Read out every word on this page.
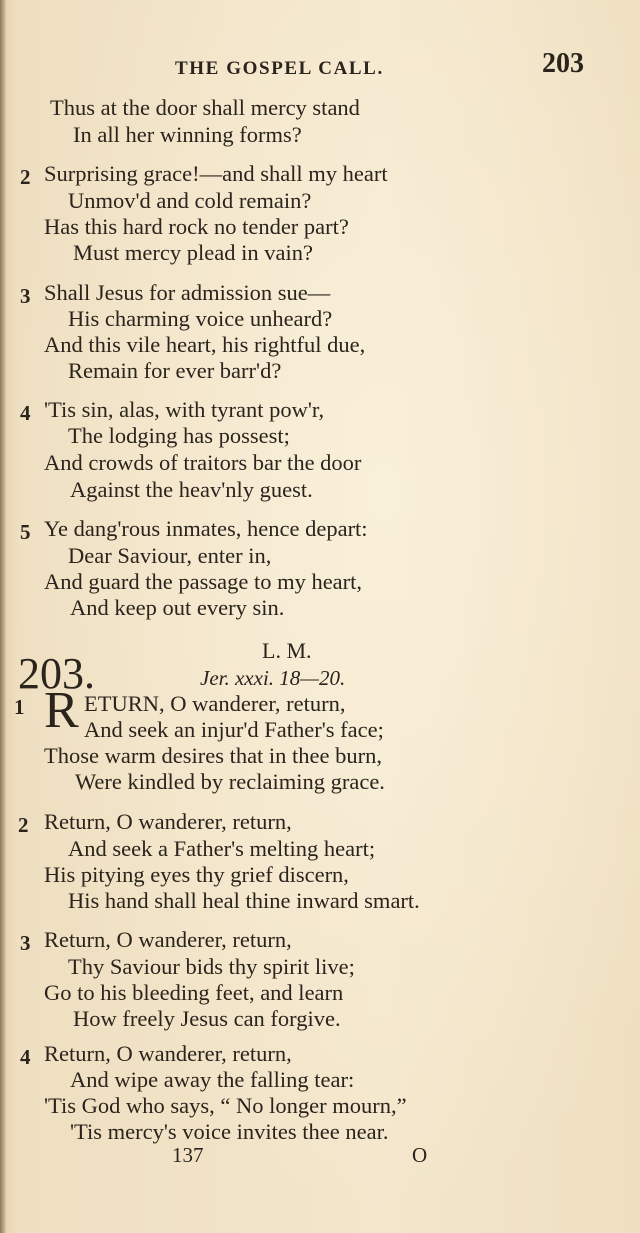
THE GOSPEL CALL.	203
Thus at the door shall mercy stand
In all her winning forms?
2 Surprising grace!—and shall my heart
Unmov'd and cold remain?
Has this hard rock no tender part?
Must mercy plead in vain?
3 Shall Jesus for admission sue—
His charming voice unheard?
And this vile heart, his rightful due,
Remain for ever barr'd?
4 'Tis sin, alas, with tyrant pow'r,
The lodging has possest;
And crowds of traitors bar the door
Against the heav'nly guest.
5 Ye dang'rous inmates, hence depart:
Dear Saviour, enter in,
And guard the passage to my heart,
And keep out every sin.
203.	L. M.
Jer. xxxi. 18—20.
1 R ETURN, O wanderer, return,
And seek an injur'd Father's face;
Those warm desires that in thee burn,
Were kindled by reclaiming grace.
2 Return, O wanderer, return,
And seek a Father's melting heart;
His pitying eyes thy grief discern,
His hand shall heal thine inward smart.
3 Return, O wanderer, return,
Thy Saviour bids thy spirit live;
Go to his bleeding feet, and learn
How freely Jesus can forgive.
4 Return, O wanderer, return,
And wipe away the falling tear:
'Tis God who says, “ No longer mourn,”
'Tis mercy's voice invites thee near.
137	O
